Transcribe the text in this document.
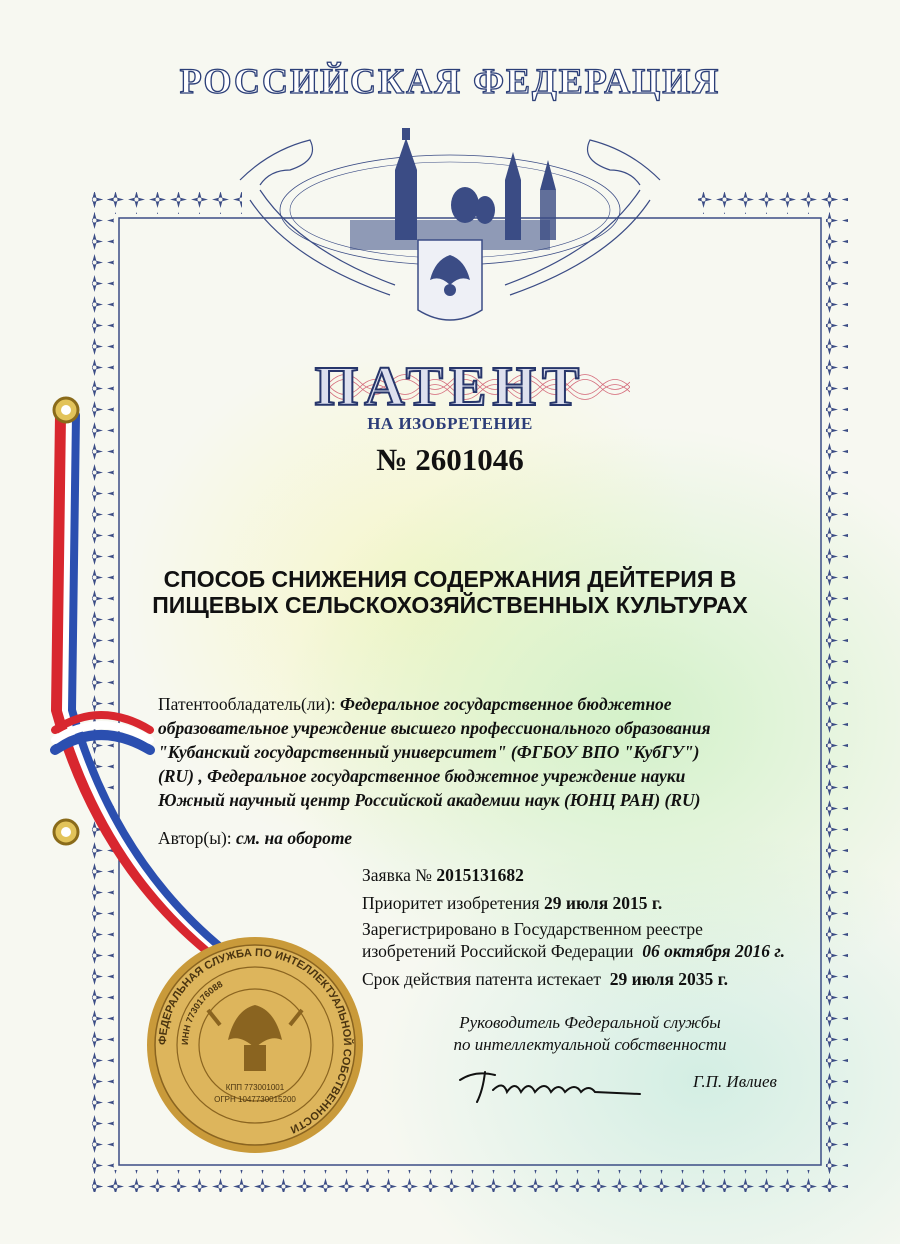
РОССИЙСКАЯ ФЕДЕРАЦИЯ
ПАТЕНТ
НА ИЗОБРЕТЕНИЕ
№ 2601046
СПОСОБ СНИЖЕНИЯ СОДЕРЖАНИЯ ДЕЙТЕРИЯ В
ПИЩЕВЫХ СЕЛЬСКОХОЗЯЙСТВЕННЫХ КУЛЬТУРАХ
Патентообладатель(ли): Федеральное государственное бюджетное
образовательное учреждение высшего профессионального образования
"Кубанский государственный университет" (ФГБОУ ВПО "КубГУ")
(RU) , Федеральное государственное бюджетное учреждение науки
Южный научный центр Российской академии наук (ЮНЦ РАН) (RU)
Автор(ы): см. на обороте
Заявка № 2015131682
Приоритет изобретения 29 июля 2015 г.
Зарегистрировано в Государственном реестре
изобретений Российской Федерации 06 октября 2016 г.
Срок действия патента истекает 29 июля 2035 г.
Руководитель Федеральной службы
по интеллектуальной собственности
Г.П. Ивлиев
ФЕДЕРАЛЬНАЯ СЛУЖБА ПО ИНТЕЛЛЕКТУАЛЬНОЙ СОБСТВЕННОСТИ
ИНН 7730176088
КПП 773001001
ОГРН 1047730015200
